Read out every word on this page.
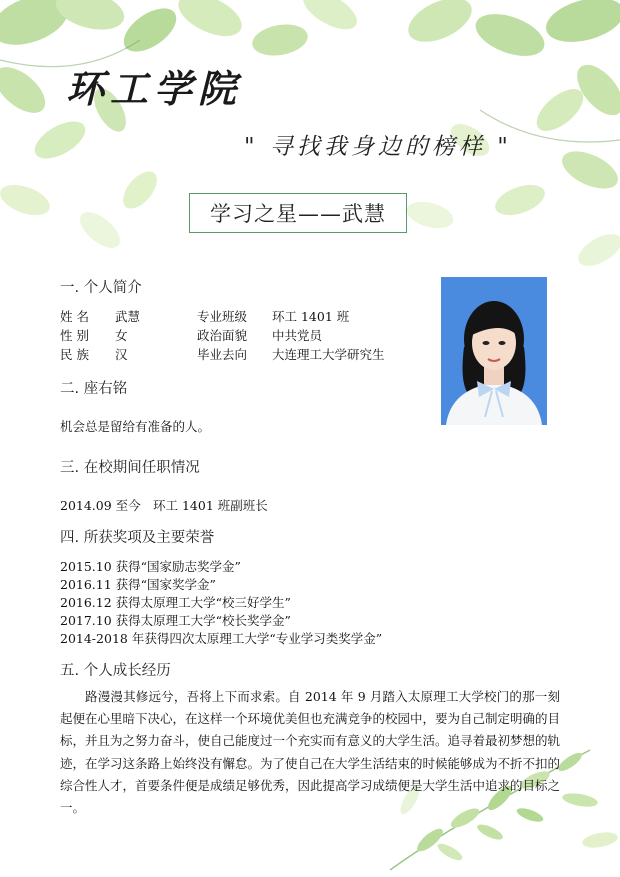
环工学院
" 寻找我身边的榜样 "
学习之星——武慧
一. 个人简介
姓 名 武慧
性 别 女
民 族 汉
专业班级 环工 1401 班
政治面貌 中共党员
毕业去向 大连理工大学研究生
二. 座右铭
机会总是留给有准备的人。
三. 在校期间任职情况
2014.09 至今 环工 1401 班副班长
四. 所获奖项及主要荣誉
2015.10 获得“国家励志奖学金”
2016.11 获得“国家奖学金”
2016.12 获得太原理工大学“校三好学生”
2017.10 获得太原理工大学“校长奖学金”
2014-2018 年获得四次太原理工大学“专业学习类奖学金”
五. 个人成长经历
路漫漫其修远兮，吾将上下而求索。自 2014 年 9 月踏入太原理工大学校门的那一刻起便在心里暗下决心，在这样一个环境优美但也充满竞争的校园中，要为自己制定明确的目标，并且为之努力奋斗，使自己能度过一个充实而有意义的大学生活。追寻着最初梦想的轨迹，在学习这条路上始终没有懈怠。为了使自己在大学生活结束的时候能够成为不折不扣的综合性人才，首要条件便是成绩足够优秀，因此提高学习成绩便是大学生活中追求的目标之一。
